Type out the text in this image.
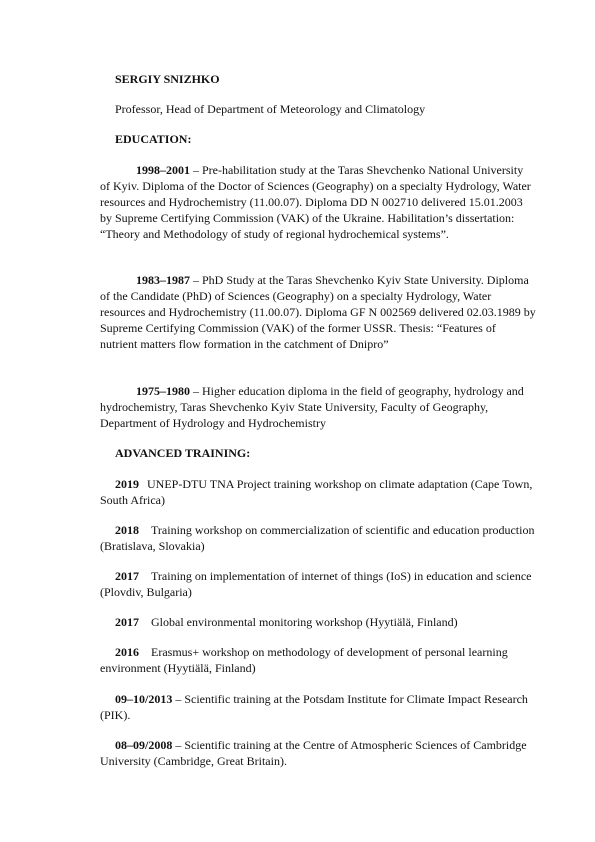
SERGIY SNIZHKO

Professor, Head of Department of Meteorology and Climatology

EDUCATION:

1998–2001 – Pre-habilitation study at the Taras Shevchenko National University of Kyiv. Diploma of the Doctor of Sciences (Geography) on a specialty Hydrology, Water resources and Hydrochemistry (11.00.07). Diploma DD N 002710 delivered 15.01.2003 by Supreme Certifying Commission (VAK) of the Ukraine. Habilitation’s dissertation: “Theory and Methodology of study of regional hydrochemical systems”.

1983–1987 – PhD Study at the Taras Shevchenko Kyiv State University. Diploma of the Candidate (PhD) of Sciences (Geography) on a specialty Hydrology, Water resources and Hydrochemistry (11.00.07). Diploma GF N 002569 delivered 02.03.1989 by Supreme Certifying Commission (VAK) of the former USSR. Thesis: “Features of nutrient matters flow formation in the catchment of Dnipro”

1975–1980 – Higher education diploma in the field of geography, hydrology and hydrochemistry, Taras Shevchenko Kyiv State University, Faculty of Geography, Department of Hydrology and Hydrochemistry

ADVANCED TRAINING:

2019 UNEP-DTU TNA Project training workshop on climate adaptation (Cape Town, South Africa)

2018 Training workshop on commercialization of scientific and education production (Bratislava, Slovakia)

2017 Training on implementation of internet of things (IoS) in education and science (Plovdiv, Bulgaria)

2017 Global environmental monitoring workshop (Hyytiälä, Finland)

2016 Erasmus+ workshop on methodology of development of personal learning environment (Hyytiälä, Finland)

09–10/2013 – Scientific training at the Potsdam Institute for Climate Impact Research (PIK).

08–09/2008 – Scientific training at the Centre of Atmospheric Sciences of Cambridge University (Cambridge, Great Britain).
